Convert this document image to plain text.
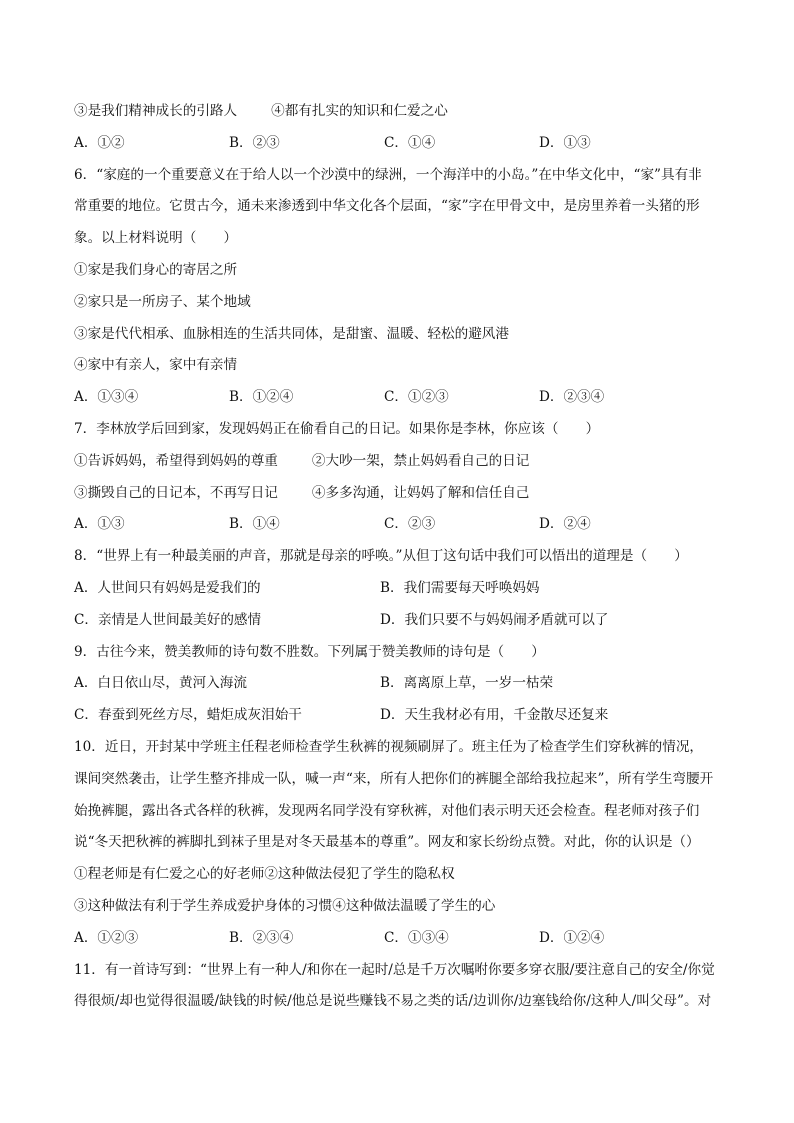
③是我们精神成长的引路人	④都有扎实的知识和仁爱之心
A．①②	B．②③	C．①④	D．①③
6．“家庭的一个重要意义在于给人以一个沙漠中的绿洲，一个海洋中的小岛。”在中华文化中，“家”具有非
常重要的地位。它贯古今，通未来渗透到中华文化各个层面，“家”字在甲骨文中，是房里养着一头猪的形
象。以上材料说明（　　）
①家是我们身心的寄居之所
②家只是一所房子、某个地域
③家是代代相承、血脉相连的生活共同体，是甜蜜、温暖、轻松的避风港
④家中有亲人，家中有亲情
A．①③④	B．①②④	C．①②③	D．②③④
7．李林放学后回到家，发现妈妈正在偷看自己的日记。如果你是李林，你应该（　　）
①告诉妈妈，希望得到妈妈的尊重	②大吵一架，禁止妈妈看自己的日记
③撕毁自己的日记本，不再写日记	④多多沟通，让妈妈了解和信任自己
A．①③	B．①④	C．②③	D．②④
8．“世界上有一种最美丽的声音，那就是母亲的呼唤。”从但丁这句话中我们可以悟出的道理是（　　）
A．人世间只有妈妈是爱我们的	B．我们需要每天呼唤妈妈
C．亲情是人世间最美好的感情	D．我们只要不与妈妈闹矛盾就可以了
9．古往今来，赞美教师的诗句数不胜数。下列属于赞美教师的诗句是（　　）
A．白日依山尽，黄河入海流	B．离离原上草，一岁一枯荣
C．春蚕到死丝方尽，蜡炬成灰泪始干	D．天生我材必有用，千金散尽还复来
10．近日，开封某中学班主任程老师检查学生秋裤的视频刷屏了。班主任为了检查学生们穿秋裤的情况，
课间突然袭击，让学生整齐排成一队，喊一声“来，所有人把你们的裤腿全部给我拉起来”，所有学生弯腰开
始挽裤腿，露出各式各样的秋裤，发现两名同学没有穿秋裤，对他们表示明天还会检查。程老师对孩子们
说“冬天把秋裤的裤脚扎到袜子里是对冬天最基本的尊重”。网友和家长纷纷点赞。对此，你的认识是（）
①程老师是有仁爱之心的好老师②这种做法侵犯了学生的隐私权
③这种做法有利于学生养成爱护身体的习惯④这种做法温暖了学生的心
A．①②③	B．②③④	C．①③④	D．①②④
11．有一首诗写到：“世界上有一种人/和你在一起时/总是千万次嘱咐你要多穿衣服/要注意自己的安全/你觉
得很烦/却也觉得很温暖/缺钱的时候/他总是说些赚钱不易之类的话/边训你/边塞钱给你/这种人/叫父母”。对
